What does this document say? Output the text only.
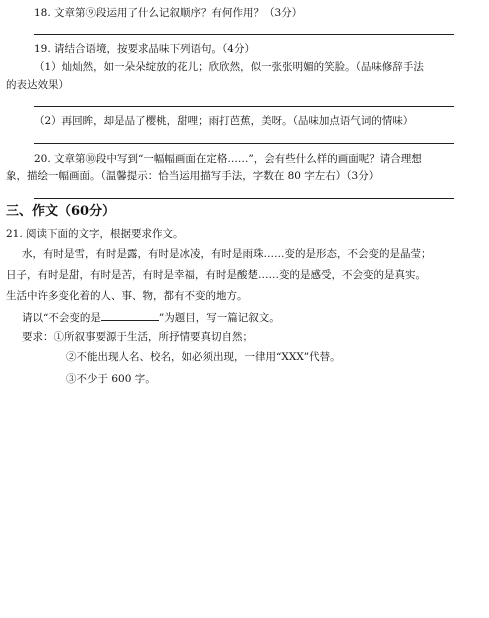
18. 文章第⑨段运用了什么记叙顺序？有何作用？（3分）
19. 请结合语境，按要求品味下列语句。（4分）
（1）灿灿然，如一朵朵绽放的花儿；欣欣然，似一张张明媚的笑脸。（品味修辞手法
的表达效果）
（2）再回眸，却是品了樱桃，甜哩；雨打芭蕉，美呀。（品味加点语气词的情味）
20. 文章第⑩段中写到“一幅幅画面在定格……”，会有些什么样的画面呢？请合理想
象，描绘一幅画面。（温馨提示：恰当运用描写手法，字数在 80 字左右）（3分）
三、作文（60分）
21. 阅读下面的文字，根据要求作文。
水，有时是雪，有时是露，有时是冰凌，有时是雨珠……变的是形态，不会变的是晶莹；
日子，有时是甜，有时是苦，有时是幸福，有时是酸楚……变的是感受，不会变的是真实。
生活中许多变化着的人、事、物，都有不变的地方。
请以“不会变的是	”为题目，写一篇记叙文。
要求：①所叙事要源于生活，所抒情要真切自然；
②不能出现人名、校名，如必须出现，一律用“XXX”代替。
③不少于 600 字。
